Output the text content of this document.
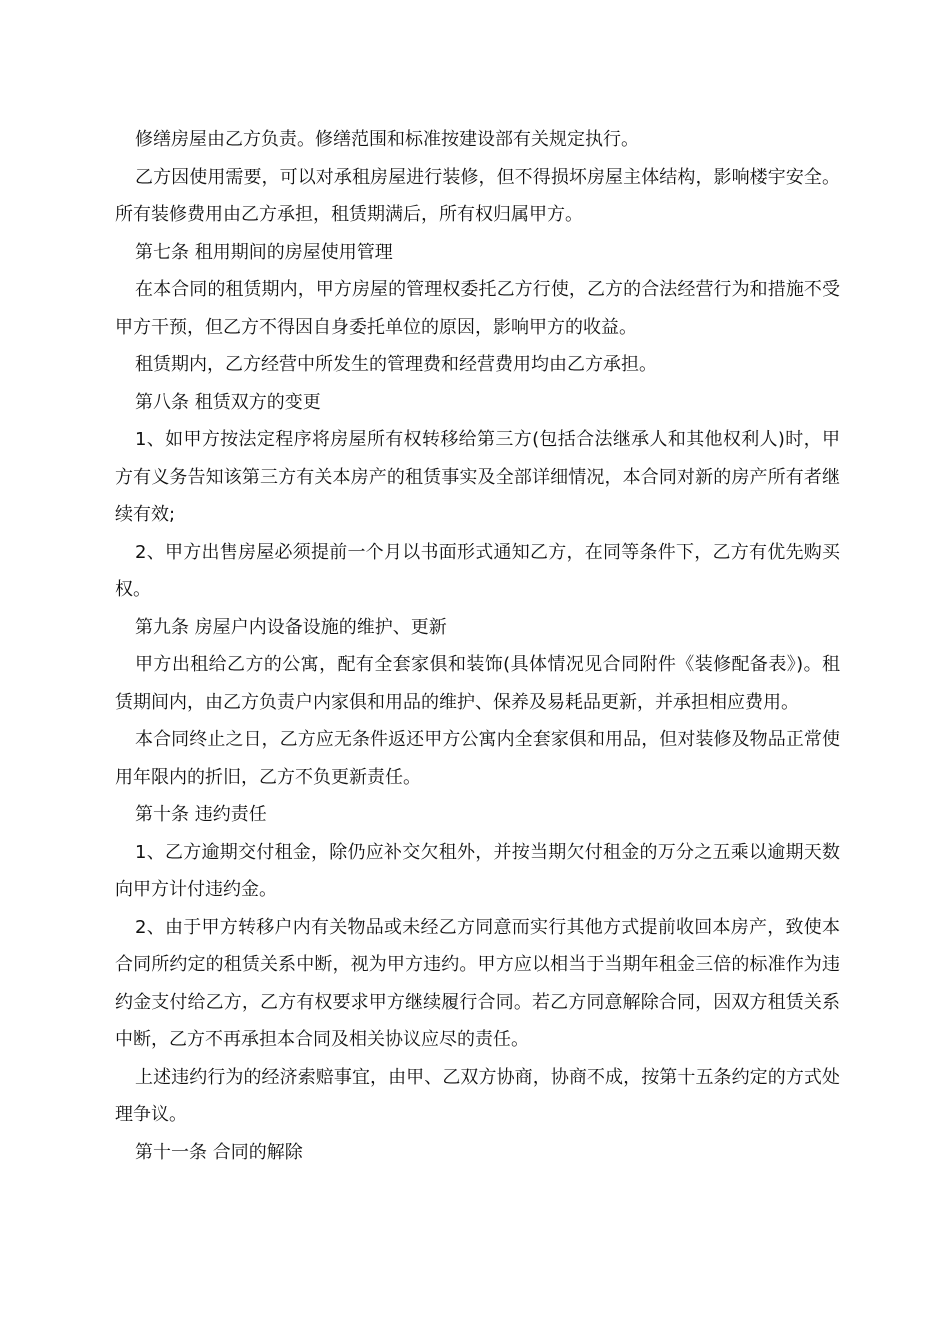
修缮房屋由乙方负责。修缮范围和标准按建设部有关规定执行。

乙方因使用需要，可以对承租房屋进行装修，但不得损坏房屋主体结构，影响楼宇安全。所有装修费用由乙方承担，租赁期满后，所有权归属甲方。

第七条 租用期间的房屋使用管理

在本合同的租赁期内，甲方房屋的管理权委托乙方行使，乙方的合法经营行为和措施不受甲方干预，但乙方不得因自身委托单位的原因，影响甲方的收益。

租赁期内，乙方经营中所发生的管理费和经营费用均由乙方承担。

第八条 租赁双方的变更

1、如甲方按法定程序将房屋所有权转移给第三方(包括合法继承人和其他权利人)时，甲方有义务告知该第三方有关本房产的租赁事实及全部详细情况，本合同对新的房产所有者继续有效;

2、甲方出售房屋必须提前一个月以书面形式通知乙方，在同等条件下，乙方有优先购买权。

第九条 房屋户内设备设施的维护、更新

甲方出租给乙方的公寓，配有全套家俱和装饰(具体情况见合同附件《装修配备表》)。租赁期间内，由乙方负责户内家俱和用品的维护、保养及易耗品更新，并承担相应费用。

本合同终止之日，乙方应无条件返还甲方公寓内全套家俱和用品，但对装修及物品正常使用年限内的折旧，乙方不负更新责任。

第十条 违约责任

1、乙方逾期交付租金，除仍应补交欠租外，并按当期欠付租金的万分之五乘以逾期天数向甲方计付违约金。

2、由于甲方转移户内有关物品或未经乙方同意而实行其他方式提前收回本房产，致使本合同所约定的租赁关系中断，视为甲方违约。甲方应以相当于当期年租金三倍的标准作为违约金支付给乙方，乙方有权要求甲方继续履行合同。若乙方同意解除合同，因双方租赁关系中断，乙方不再承担本合同及相关协议应尽的责任。

上述违约行为的经济索赔事宜，由甲、乙双方协商，协商不成，按第十五条约定的方式处理争议。

第十一条 合同的解除
